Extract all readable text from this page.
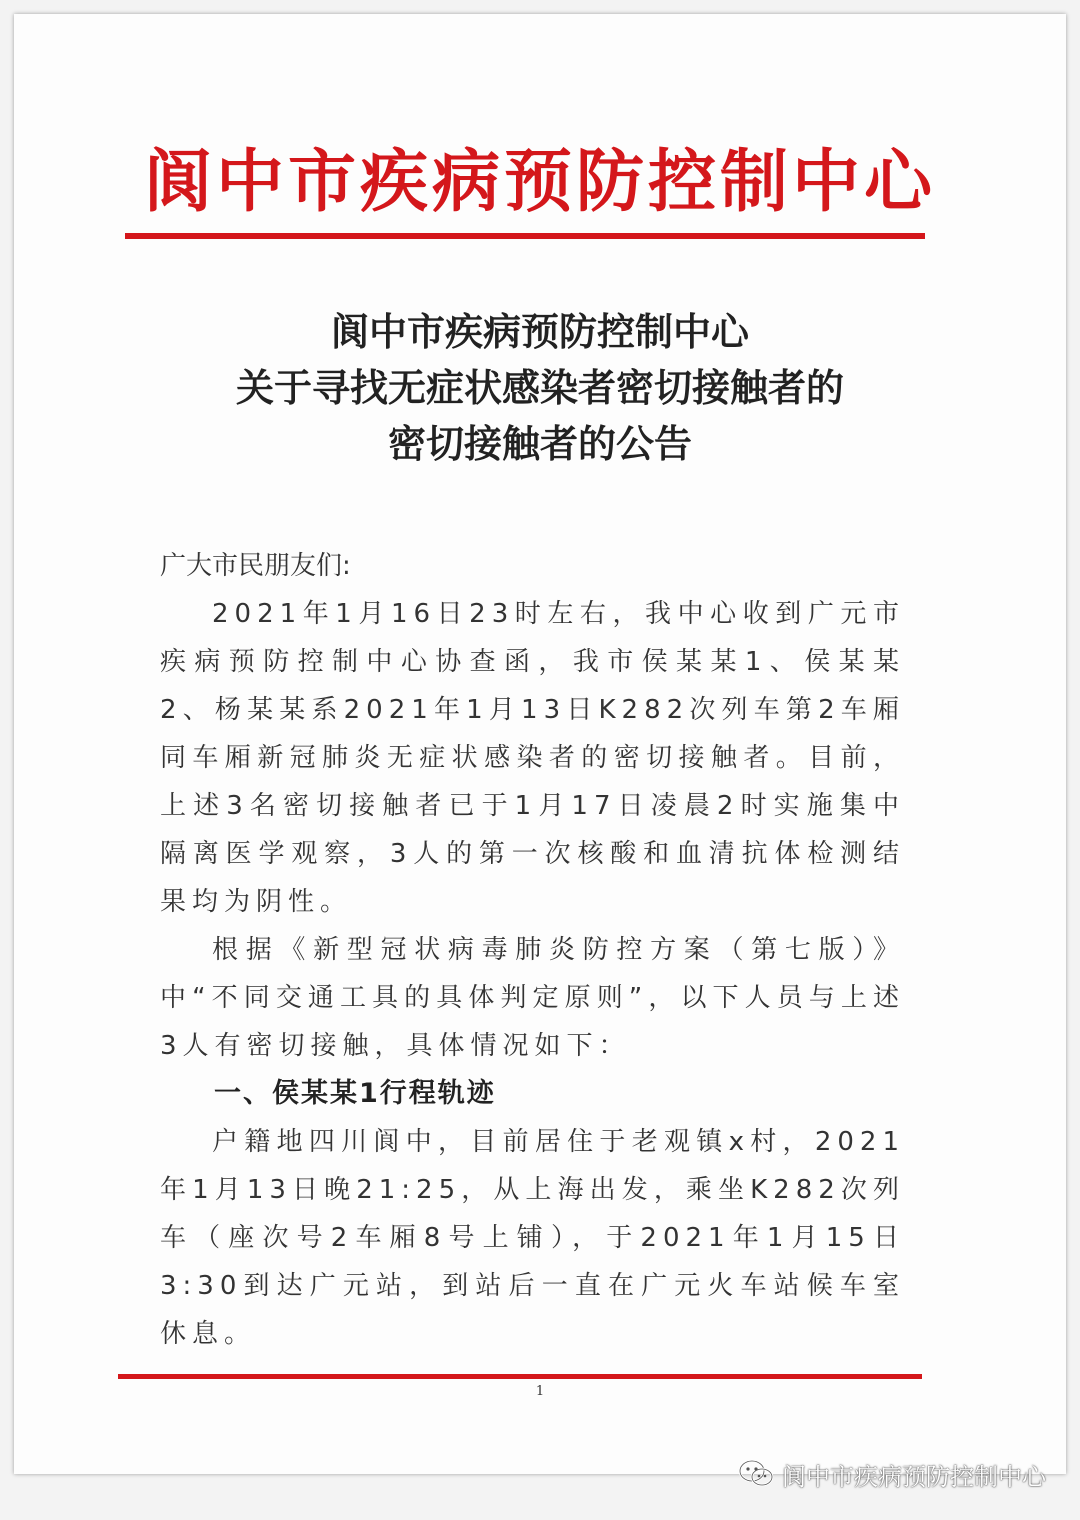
阆中市疾病预防控制中心
阆中市疾病预防控制中心
关于寻找无症状感染者密切接触者的
密切接触者的公告
广大市民朋友们:

2021年1月16日23时左右，我中心收到广元市疾病预防控制中心协查函，我市侯某某1、侯某某2、杨某某系2021年1月13日K282次列车第2车厢同车厢新冠肺炎无症状感染者的密切接触者。目前，上述3名密切接触者已于1月17日凌晨2时实施集中隔离医学观察，3人的第一次核酸和血清抗体检测结果均为阴性。

根据《新型冠状病毒肺炎防控方案（第七版）》中“不同交通工具的具体判定原则”，以下人员与上述3人有密切接触，具体情况如下：

一、侯某某1行程轨迹

户籍地四川阆中，目前居住于老观镇x村，2021年1月13日晚21:25，从上海出发，乘坐K282次列车（座次号2车厢8号上铺），于2021年1月15日3:30到达广元站，到站后一直在广元火车站候车室休息。

1
阆中市疾病预防控制中心
